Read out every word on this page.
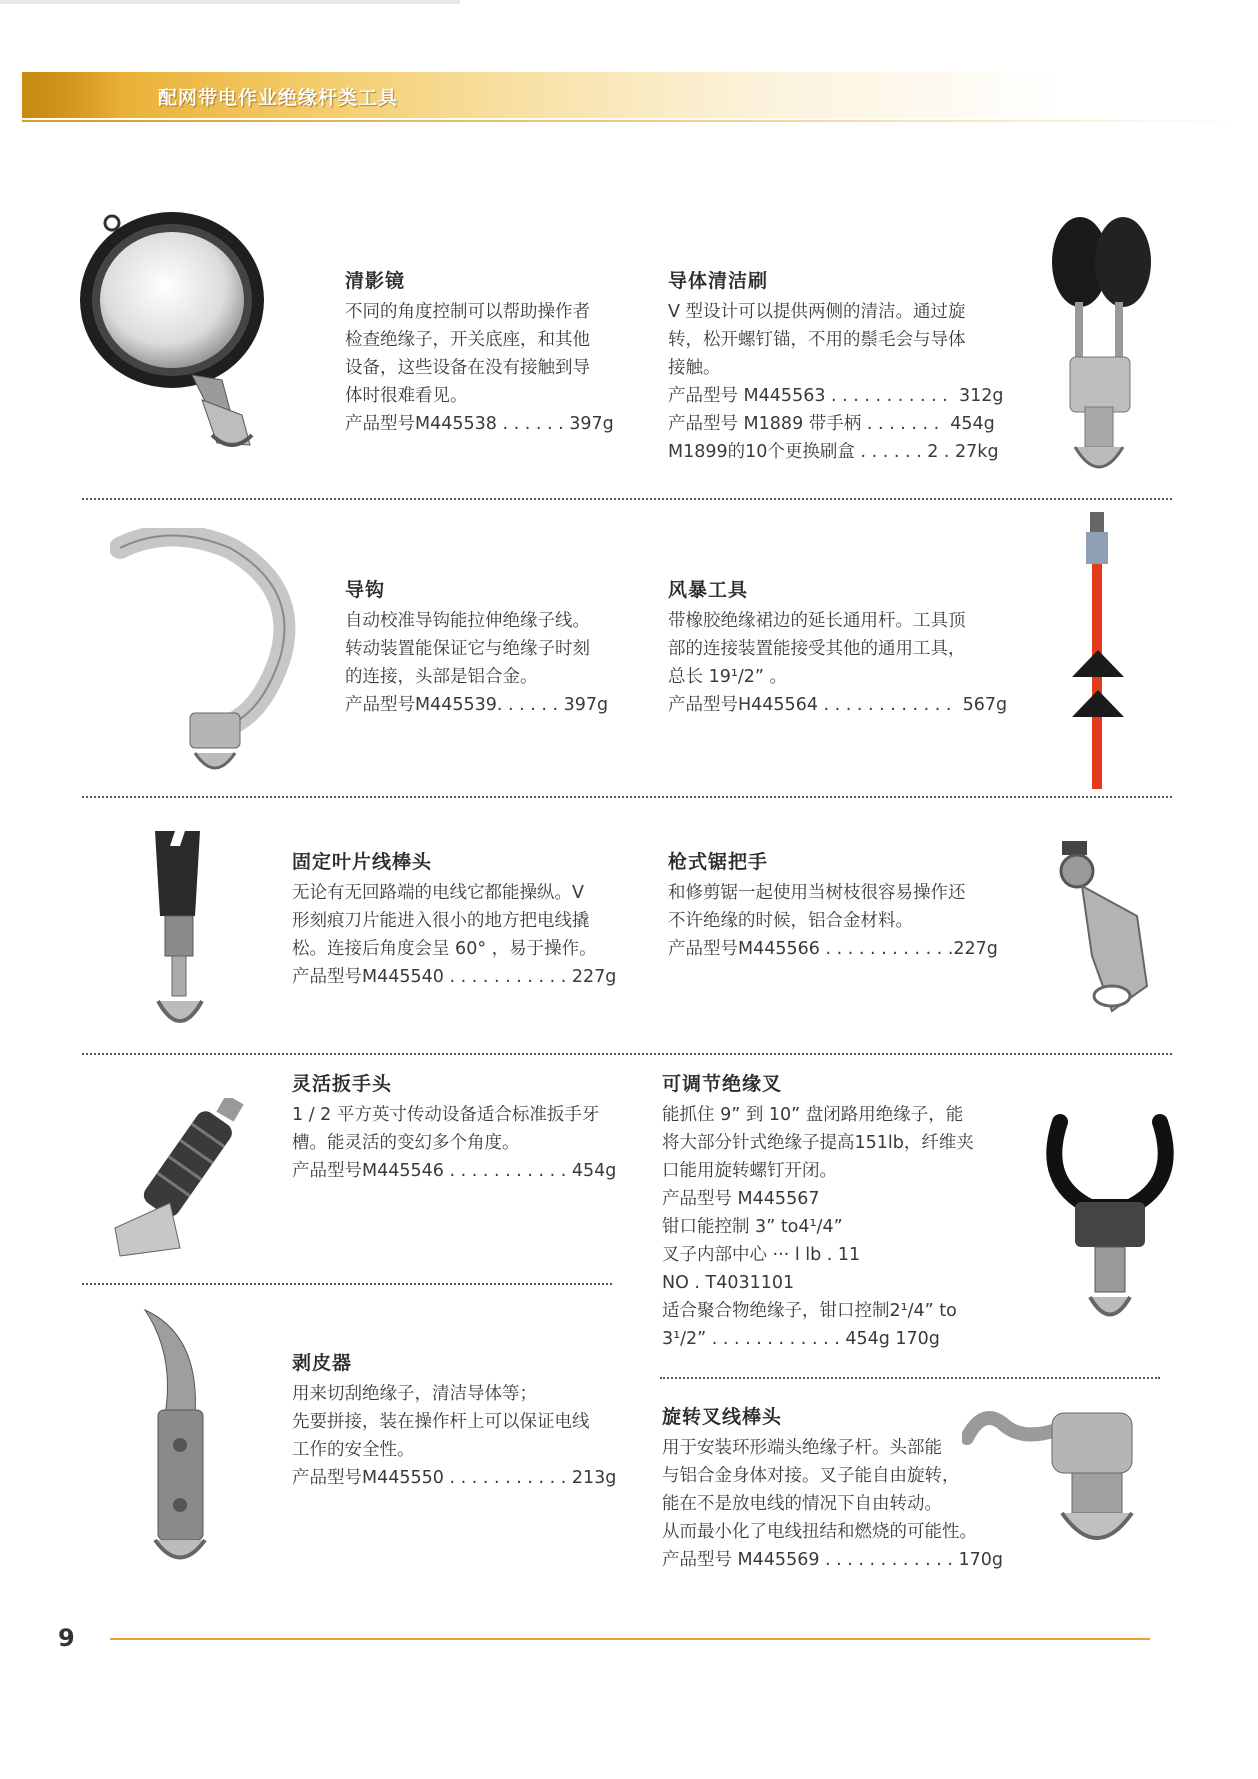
配网带电作业绝缘杆类工具
清影镜
不同的角度控制可以帮助操作者
检查绝缘子，开关底座，和其他
设备，这些设备在没有接触到导
体时很难看见。
产品型号M445538 . . . . . . 397g
导体清洁刷
V 型设计可以提供两侧的清洁。通过旋
转，松开螺钉锚，不用的鬃毛会与导体
接触。
产品型号 M445563 . . . . . . . . . . .  312g
产品型号 M1889 带手柄 . . . . . . .  454g
M1899的10个更换刷盒 . . . . . . 2 . 27kg
导钩
自动校准导钩能拉伸绝缘子线。
转动装置能保证它与绝缘子时刻
的连接，头部是铝合金。
产品型号M445539. . . . . . 397g
风暴工具
带橡胶绝缘裙边的延长通用杆。工具顶
部的连接装置能接受其他的通用工具，
总长 19¹/2” 。
产品型号H445564 . . . . . . . . . . . .  567g
固定叶片线棒头
无论有无回路端的电线它都能操纵。V
形刻痕刀片能进入很小的地方把电线撬
松。连接后角度会呈 60° ，易于操作。
产品型号M445540 . . . . . . . . . . . 227g
枪式锯把手
和修剪锯一起使用当树枝很容易操作还
不许绝缘的时候，铝合金材料。
产品型号M445566 . . . . . . . . . . . .227g
灵活扳手头
1 / 2 平方英寸传动设备适合标准扳手牙
槽。能灵活的变幻多个角度。
产品型号M445546 . . . . . . . . . . . 454g
可调节绝缘叉
能抓住 9” 到 10” 盘闭路用绝缘子，能
将大部分针式绝缘子提高151lb，纤维夹
口能用旋转螺钉开闭。
产品型号 M445567
钳口能控制 3” to4¹/4”
叉子内部中心 ··· l lb . 11
NO . T4031101
适合聚合物绝缘子，钳口控制2¹/4” to
3¹/2” . . . . . . . . . . . . 454g 170g
剥皮器
用来切刮绝缘子，清洁导体等；
先要拼接，装在操作杆上可以保证电线
工作的安全性。
产品型号M445550 . . . . . . . . . . . 213g
旋转叉线棒头
用于安装环形端头绝缘子杆。头部能
与铝合金身体对接。叉子能自由旋转，
能在不是放电线的情况下自由转动。
从而最小化了电线扭结和燃烧的可能性。
产品型号 M445569 . . . . . . . . . . . . 170g
9
